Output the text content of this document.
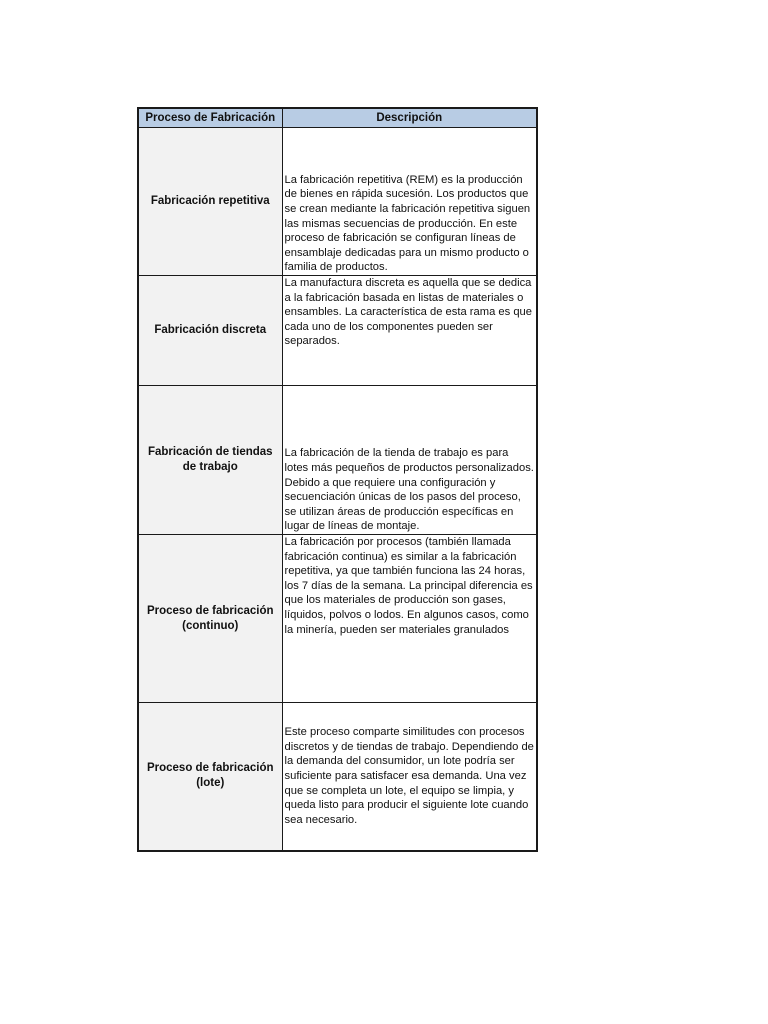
Proceso de Fabricación	Descripción
Fabricación repetitiva	La fabricación repetitiva (REM) es la producción de bienes en rápida sucesión. Los productos que se crean mediante la fabricación repetitiva siguen las mismas secuencias de producción. En este proceso de fabricación se configuran líneas de ensamblaje dedicadas para un mismo producto o familia de productos.

Fabricación discreta	La manufactura discreta es aquella que se dedica a la fabricación basada en listas de materiales o ensambles. La característica de esta rama es que cada uno de los componentes pueden ser separados.

Fabricación de tiendas de trabajo	La fabricación de la tienda de trabajo es para lotes más pequeños de productos personalizados. Debido a que requiere una configuración y secuenciación únicas de los pasos del proceso, se utilizan áreas de producción específicas en lugar de líneas de montaje.

Proceso de fabricación (continuo)	La fabricación por procesos (también llamada fabricación continua) es similar a la fabricación repetitiva, ya que también funciona las 24 horas, los 7 días de la semana. La principal diferencia es que los materiales de producción son gases, líquidos, polvos o lodos. En algunos casos, como la minería, pueden ser materiales granulados

Proceso de fabricación (lote)	Este proceso comparte similitudes con procesos discretos y de tiendas de trabajo. Dependiendo de la demanda del consumidor, un lote podría ser suficiente para satisfacer esa demanda. Una vez que se completa un lote, el equipo se limpia, y queda listo para producir el siguiente lote cuando sea necesario.
